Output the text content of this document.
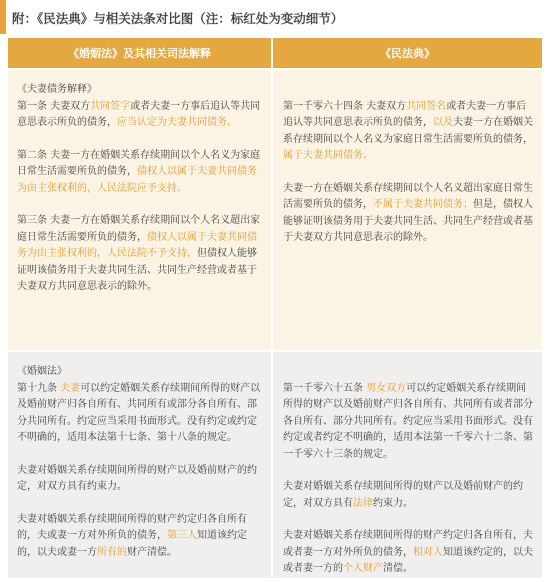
附：《民法典》与相关法条对比图（注：标红处为变动细节）
《婚姻法》及其相关司法解释	《民法典》
《夫妻债务解释》
第一条 夫妻双方共同签字或者夫妻一方事后追认等共同意思表示所负的债务，应当认定为夫妻共同债务。
第二条 夫妻一方在婚姻关系存续期间以个人名义为家庭日常生活需要所负的债务，债权人以属于夫妻共同债务为由主张权利的，人民法院应予支持。
第三条 夫妻一方在婚姻关系存续期间以个人名义超出家庭日常生活需要所负的债务，债权人以属于夫妻共同债务为由主张权利的，人民法院不予支持，但债权人能够证明该债务用于夫妻共同生活、共同生产经营或者基于夫妻双方共同意思表示的除外。

第一千零六十四条 夫妻双方共同签名或者夫妻一方事后追认等共同意思表示所负的债务，以及夫妻一方在婚姻关系存续期间以个人名义为家庭日常生活需要所负的债务，属于夫妻共同债务。
夫妻一方在婚姻关系存续期间以个人名义超出家庭日常生活需要所负的债务，不属于夫妻共同债务；但是，债权人能够证明该债务用于夫妻共同生活、共同生产经营或者基于夫妻双方共同意思表示的除外。
《婚姻法》
第十九条 夫妻可以约定婚姻关系存续期间所得的财产以及婚前财产归各自所有、共同所有或部分各自所有、部分共同所有。约定应当采用书面形式。没有约定或约定不明确的，适用本法第十七条、第十八条的规定。
夫妻对婚姻关系存续期间所得的财产以及婚前财产的约定，对双方具有约束力。
夫妻对婚姻关系存续期间所得的财产约定归各自所有的，夫或妻一方对外所负的债务，第三人知道该约定的，以夫或妻一方所有的财产清偿。

第一千零六十五条 男女双方可以约定婚姻关系存续期间所得的财产以及婚前财产归各自所有、共同所有或者部分各自所有、部分共同所有。约定应当采用书面形式。没有约定或者约定不明确的，适用本法第一千零六十二条、第一千零六十三条的规定。
夫妻对婚姻关系存续期间所得的财产以及婚前财产的约定，对双方具有法律约束力。
夫妻对婚姻关系存续期间所得的财产约定归各自所有，夫或者妻一方对外所负的债务，相对人知道该约定的，以夫或者妻一方的个人财产清偿。
